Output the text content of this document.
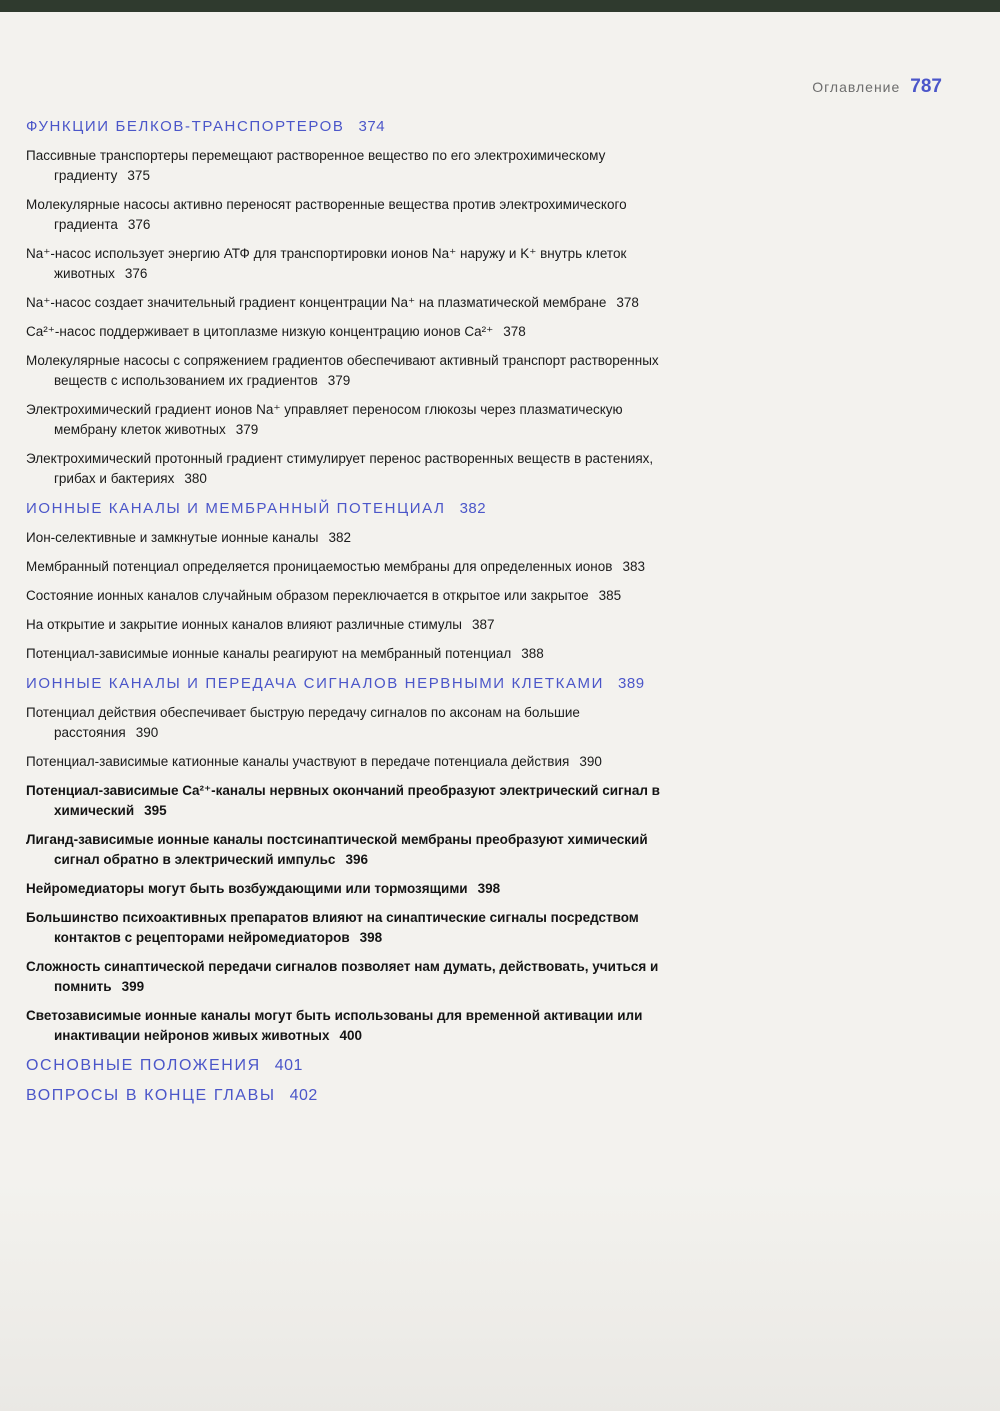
Оглавление 787
ФУНКЦИИ БЕЛКОВ-ТРАНСПОРТЕРОВ 374
Пассивные транспортеры перемещают растворенное вещество по его электрохимическому градиенту 375
Молекулярные насосы активно переносят растворенные вещества против электрохимического градиента 376
Na⁺-насос использует энергию АТФ для транспортировки ионов Na⁺ наружу и K⁺ внутрь клеток животных 376
Na⁺-насос создает значительный градиент концентрации Na⁺ на плазматической мембране 378
Ca²⁺-насос поддерживает в цитоплазме низкую концентрацию ионов Ca²⁺ 378
Молекулярные насосы с сопряжением градиентов обеспечивают активный транспорт растворенных веществ с использованием их градиентов 379
Электрохимический градиент ионов Na⁺ управляет переносом глюкозы через плазматическую мембрану клеток животных 379
Электрохимический протонный градиент стимулирует перенос растворенных веществ в растениях, грибах и бактериях 380
ИОННЫЕ КАНАЛЫ И МЕМБРАННЫЙ ПОТЕНЦИАЛ 382
Ион-селективные и замкнутые ионные каналы 382
Мембранный потенциал определяется проницаемостью мембраны для определенных ионов 383
Состояние ионных каналов случайным образом переключается в открытое или закрытое 385
На открытие и закрытие ионных каналов влияют различные стимулы 387
Потенциал-зависимые ионные каналы реагируют на мембранный потенциал 388
ИОННЫЕ КАНАЛЫ И ПЕРЕДАЧА СИГНАЛОВ НЕРВНЫМИ КЛЕТКАМИ 389
Потенциал действия обеспечивает быструю передачу сигналов по аксонам на большие расстояния 390
Потенциал-зависимые катионные каналы участвуют в передаче потенциала действия 390
Потенциал-зависимые Ca²⁺-каналы нервных окончаний преобразуют электрический сигнал в химический 395
Лиганд-зависимые ионные каналы постсинаптической мембраны преобразуют химический сигнал обратно в электрический импульс 396
Нейромедиаторы могут быть возбуждающими или тормозящими 398
Большинство психоактивных препаратов влияют на синаптические сигналы посредством контактов с рецепторами нейромедиаторов 398
Сложность синаптической передачи сигналов позволяет нам думать, действовать, учиться и помнить 399
Светозависимые ионные каналы могут быть использованы для временной активации или инактивации нейронов живых животных 400
ОСНОВНЫЕ ПОЛОЖЕНИЯ 401
ВОПРОСЫ В КОНЦЕ ГЛАВЫ 402
